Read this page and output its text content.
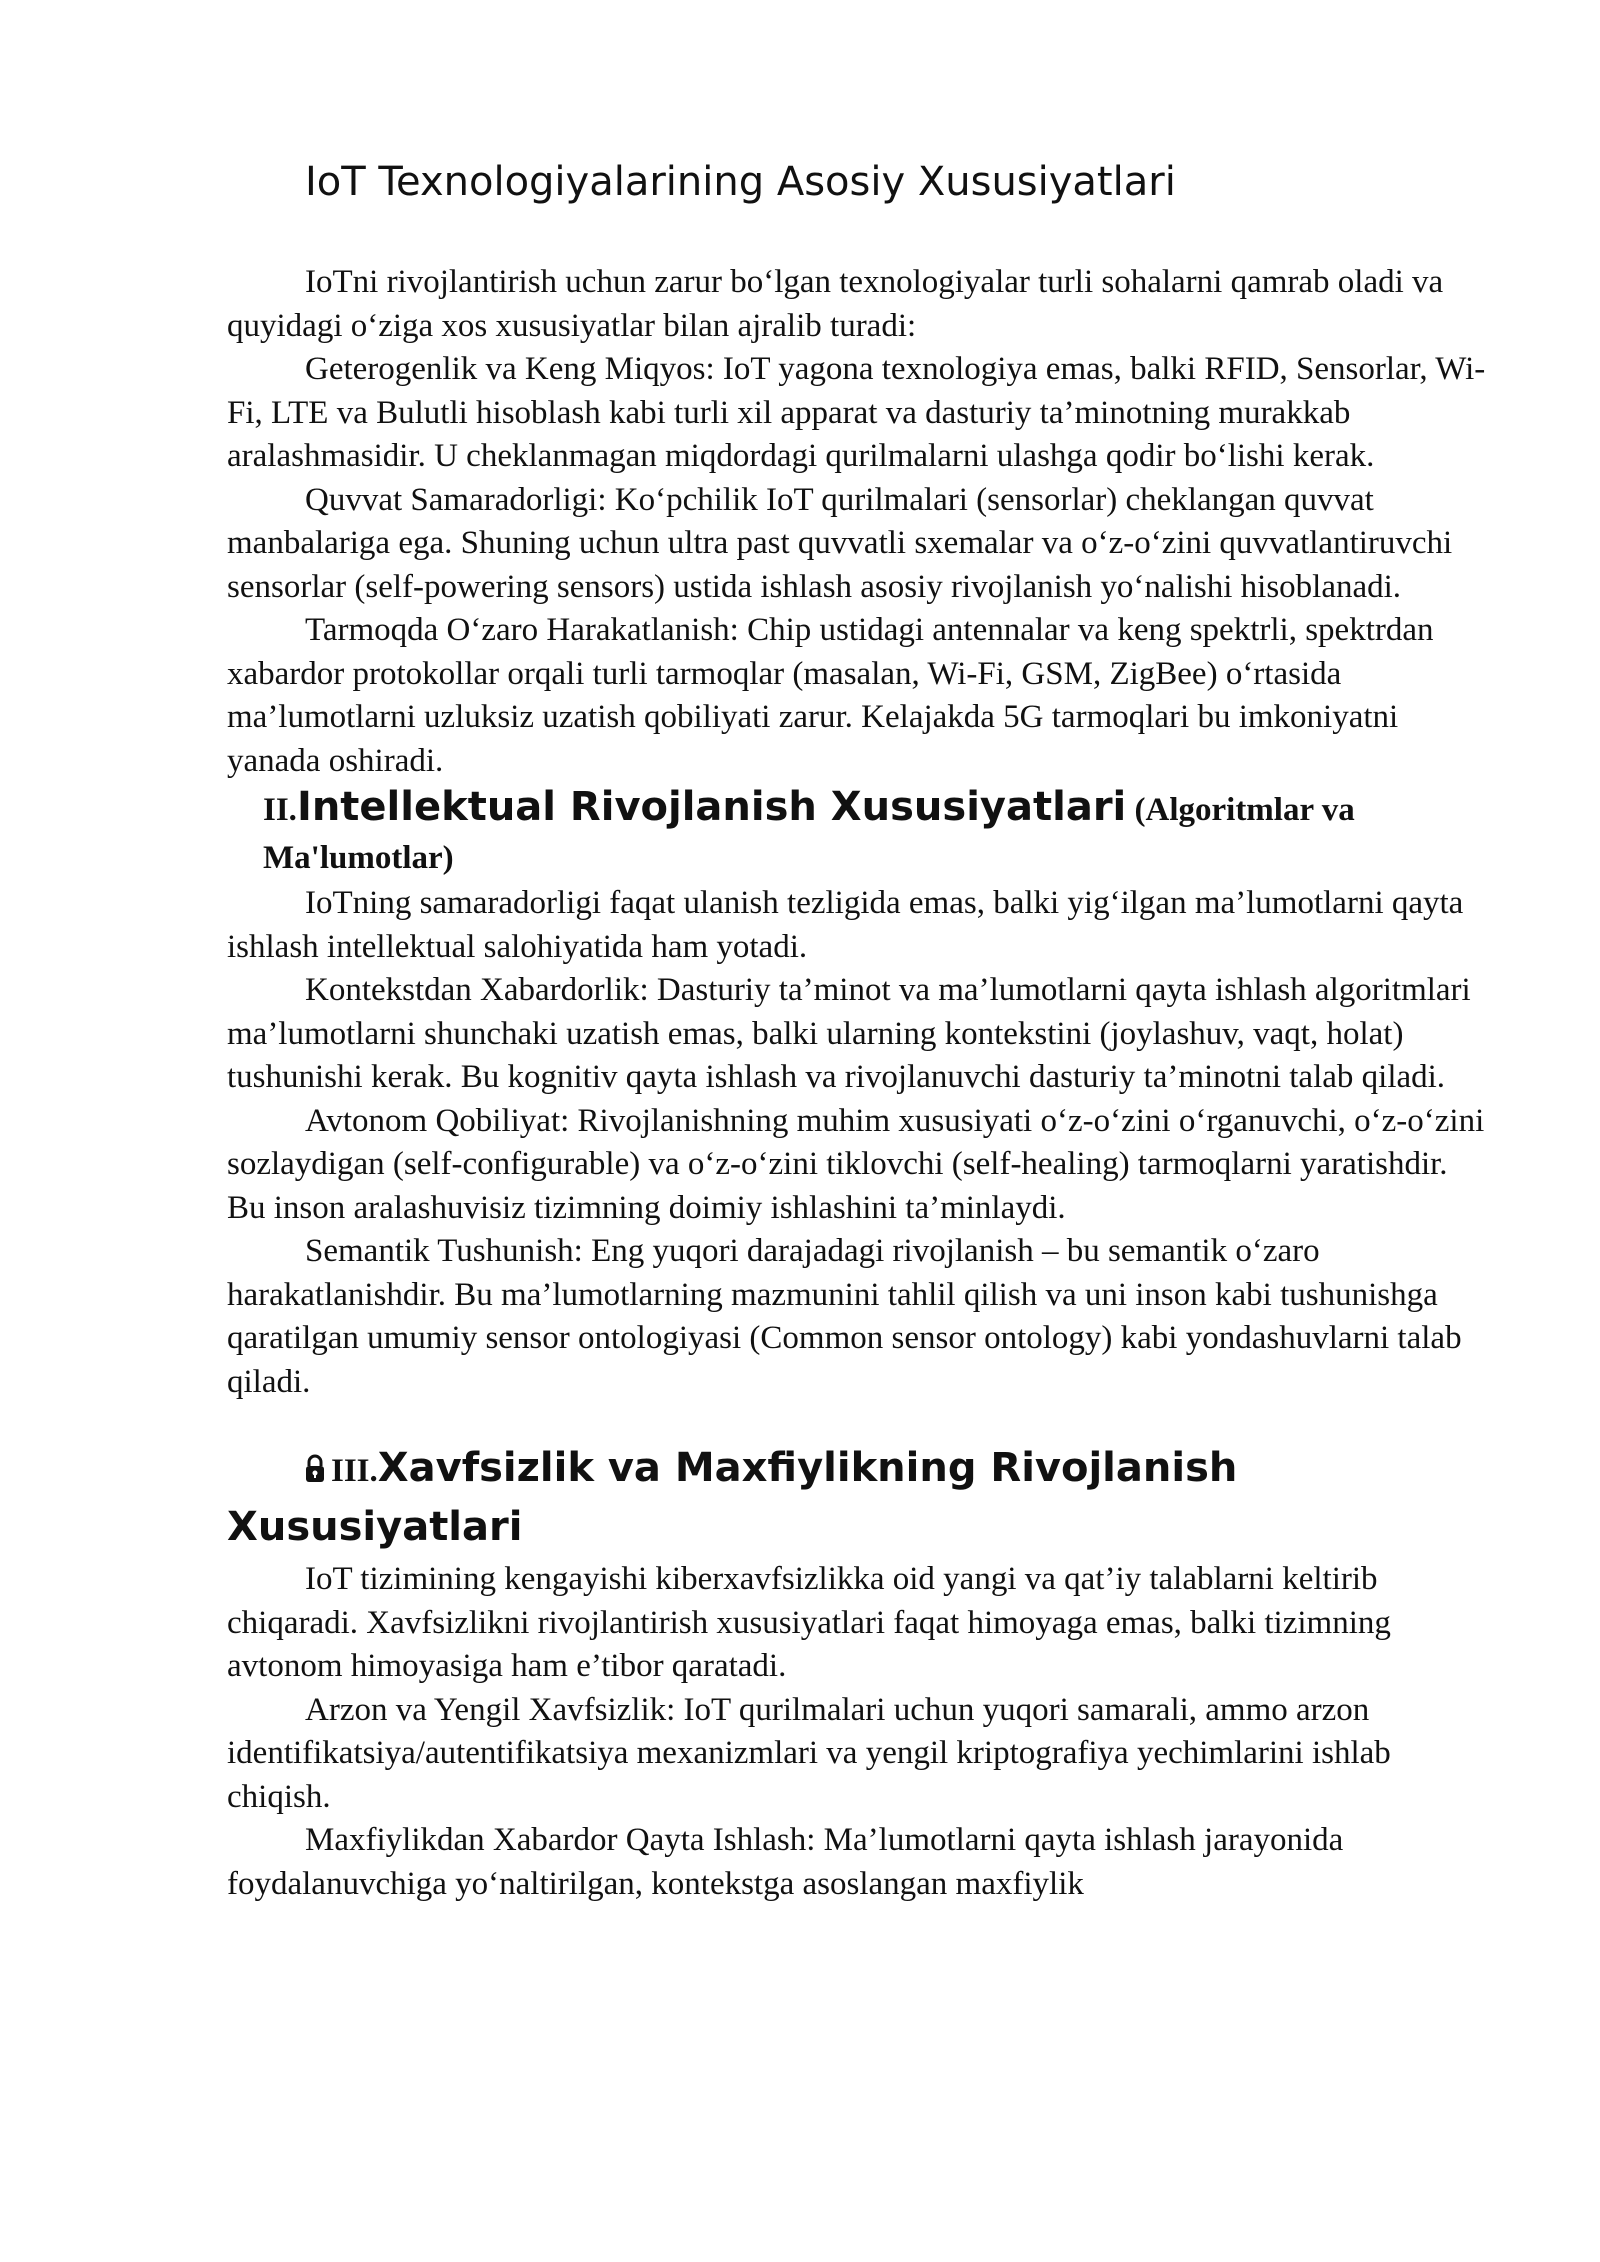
IoT Texnologiyalarining Asosiy Xususiyatlari

IoTni rivojlantirish uchun zarur bo‘lgan texnologiyalar turli sohalarni qamrab oladi va quyidagi o‘ziga xos xususiyatlar bilan ajralib turadi:

Geterogenlik va Keng Miqyos: IoT yagona texnologiya emas, balki RFID, Sensorlar, Wi-Fi, LTE va Bulutli hisoblash kabi turli xil apparat va dasturiy ta’minotning murakkab aralashmasidir. U cheklanmagan miqdordagi qurilmalarni ulashga qodir bo‘lishi kerak.

Quvvat Samaradorligi: Ko‘pchilik IoT qurilmalari (sensorlar) cheklangan quvvat manbalariga ega. Shuning uchun ultra past quvvatli sxemalar va o‘z-o‘zini quvvatlantiruvchi sensorlar (self-powering sensors) ustida ishlash asosiy rivojlanish yo‘nalishi hisoblanadi.

Tarmoqda O‘zaro Harakatlanish: Chip ustidagi antennalar va keng spektrli, spektrdan xabardor protokollar orqali turli tarmoqlar (masalan, Wi-Fi, GSM, ZigBee) o‘rtasida ma’lumotlarni uzluksiz uzatish qobiliyati zarur. Kelajakda 5G tarmoqlari bu imkoniyatni yanada oshiradi.

II.Intellektual Rivojlanish Xususiyatlari (Algoritmlar va Ma'lumotlar)

IoTning samaradorligi faqat ulanish tezligida emas, balki yig‘ilgan ma’lumotlarni qayta ishlash intellektual salohiyatida ham yotadi.

Kontekstdan Xabardorlik: Dasturiy ta’minot va ma’lumotlarni qayta ishlash algoritmlari ma’lumotlarni shunchaki uzatish emas, balki ularning kontekstini (joylashuv, vaqt, holat) tushunishi kerak. Bu kognitiv qayta ishlash va rivojlanuvchi dasturiy ta’minotni talab qiladi.

Avtonom Qobiliyat: Rivojlanishning muhim xususiyati o‘z-o‘zini o‘rganuvchi, o‘z-o‘zini sozlaydigan (self-configurable) va o‘z-o‘zini tiklovchi (self-healing) tarmoqlarni yaratishdir. Bu inson aralashuvisiz tizimning doimiy ishlashini ta’minlaydi.

Semantik Tushunish: Eng yuqori darajadagi rivojlanish – bu semantik o‘zaro harakatlanishdir. Bu ma’lumotlarning mazmunini tahlil qilish va uni inson kabi tushunishga qaratilgan umumiy sensor ontologiyasi (Common sensor ontology) kabi yondashuvlarni talab qiladi.

III.Xavfsizlik va Maxfiylikning Rivojlanish Xususiyatlari

IoT tizimining kengayishi kiberxavfsizlikka oid yangi va qat’iy talablarni keltirib chiqaradi. Xavfsizlikni rivojlantirish xususiyatlari faqat himoyaga emas, balki tizimning avtonom himoyasiga ham e’tibor qaratadi.

Arzon va Yengil Xavfsizlik: IoT qurilmalari uchun yuqori samarali, ammo arzon identifikatsiya/autentifikatsiya mexanizmlari va yengil kriptografiya yechimlarini ishlab chiqish.

Maxfiylikdan Xabardor Qayta Ishlash: Ma’lumotlarni qayta ishlash jarayonida foydalanuvchiga yo‘naltirilgan, kontekstga asoslangan maxfiylik
